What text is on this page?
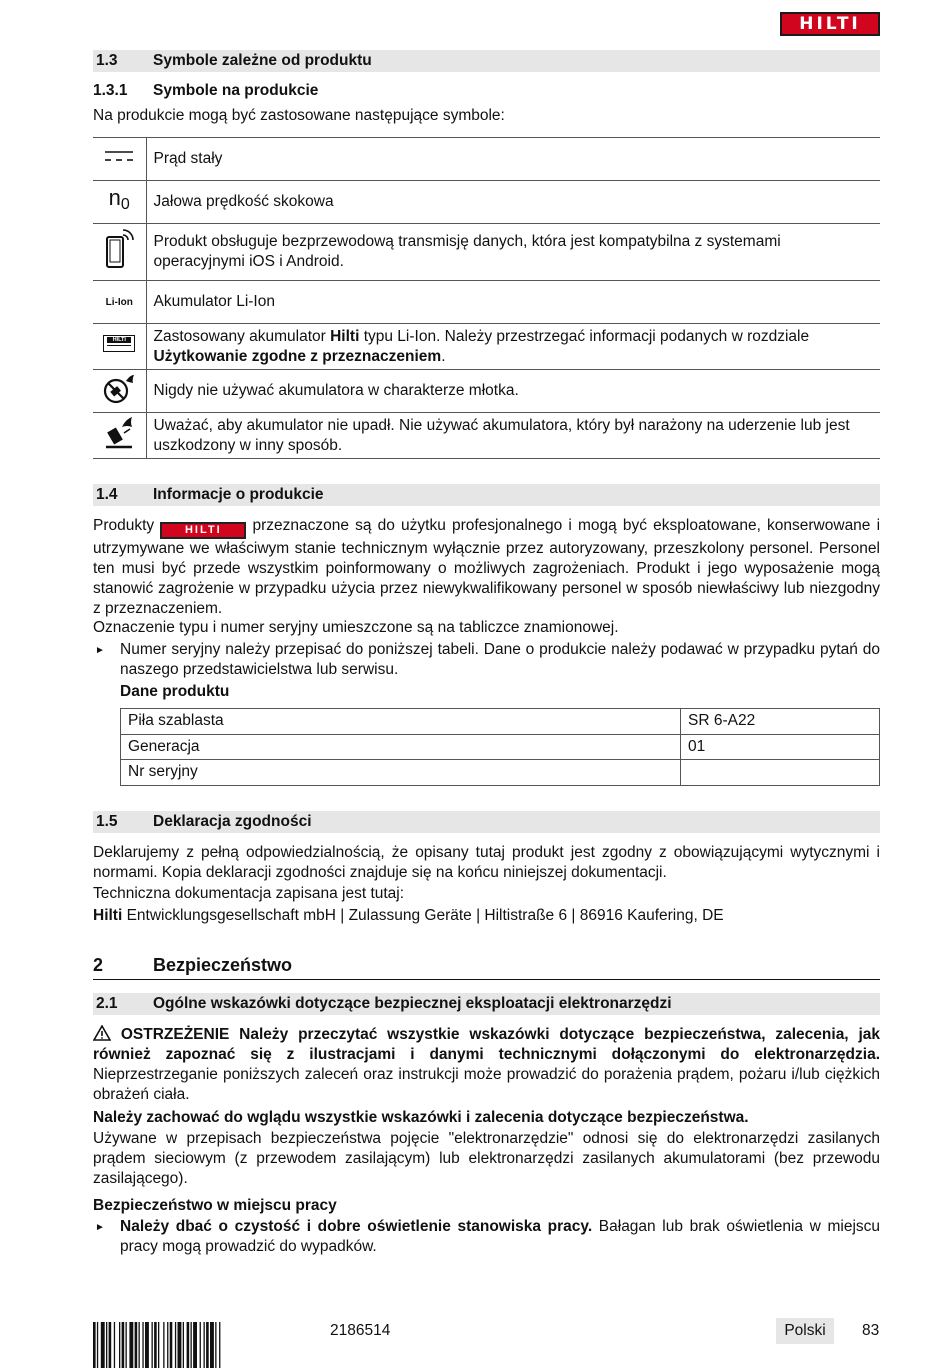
HILTI
1.3	Symbole zależne od produktu
1.3.1	Symbole na produkcie
Na produkcie mogą być zastosowane następujące symbole:
	Prąd stały
$n_0$	Jałowa prędkość skokowa
	Produkt obsługuje bezprzewodową transmisję danych, która jest kompatybilna z systemami operacyjnymi iOS i Android.
Li-Ion	Akumulator Li-Ion

HILTI	Zastosowany akumulator Hilti typu Li-Ion. Należy przestrzegać informacji podanych w rozdziale Użytkowanie zgodne z przeznaczeniem.
	Nigdy nie używać akumulatora w charakterze młotka.
	Uważać, aby akumulator nie upadł. Nie używać akumulatora, który był narażony na uderzenie lub jest uszkodzony w inny sposób.
1.4	Informacje o produkcie
Produkty	HILTI przeznaczone są do użytku profesjonalnego i mogą być eksploatowane, konserwowane i utrzymywane we właściwym stanie technicznym wyłącznie przez autoryzowany, przeszkolony personel. Personel ten musi być przede wszystkim poinformowany o możliwych zagrożeniach. Produkt i jego wyposażenie mogą stanowić zagrożenie w przypadku użycia przez niewykwalifikowany personel w sposób niewłaściwy lub niezgodny z przeznaczeniem.
Oznaczenie typu i numer seryjny umieszczone są na tabliczce znamionowej.
► Numer seryjny należy przepisać do poniższej tabeli. Dane o produkcie należy podawać w przypadku pytań do naszego przedstawicielstwa lub serwisu.
Dane produktu
Piła szablasta	SR 6-A22
Generacja	01
Nr seryjny	
1.5	Deklaracja zgodności
Deklarujemy z pełną odpowiedzialnością, że opisany tutaj produkt jest zgodny z obowiązującymi wytycznymi i normami. Kopia deklaracji zgodności znajduje się na końcu niniejszej dokumentacji.
Techniczna dokumentacja zapisana jest tutaj:
Hilti Entwicklungsgesellschaft mbH | Zulassung Geräte | Hiltistraße 6 | 86916 Kaufering, DE
2	Bezpieczeństwo
2.1	Ogólne wskazówki dotyczące bezpiecznej eksploatacji elektronarzędzi
OSTRZEŻENIE Należy przeczytać wszystkie wskazówki dotyczące bezpieczeństwa, zalecenia, jak również zapoznać się z ilustracjami i danymi technicznymi dołączonymi do elektronarzędzia. Nieprzestrzeganie poniższych zaleceń oraz instrukcji może prowadzić do porażenia prądem, pożaru i/lub ciężkich obrażeń ciała.
Należy zachować do wglądu wszystkie wskazówki i zalecenia dotyczące bezpieczeństwa.
Używane w przepisach bezpieczeństwa pojęcie "elektronarzędzie" odnosi się do elektronarzędzi zasilanych prądem sieciowym (z przewodem zasilającym) lub elektronarzędzi zasilanych akumulatorami (bez przewodu zasilającego).
Bezpieczeństwo w miejscu pracy
► Należy dbać o czystość i dobre oświetlenie stanowiska pracy. Bałagan lub brak oświetlenia w miejscu pracy mogą prowadzić do wypadków.
2186514	Polski	83
